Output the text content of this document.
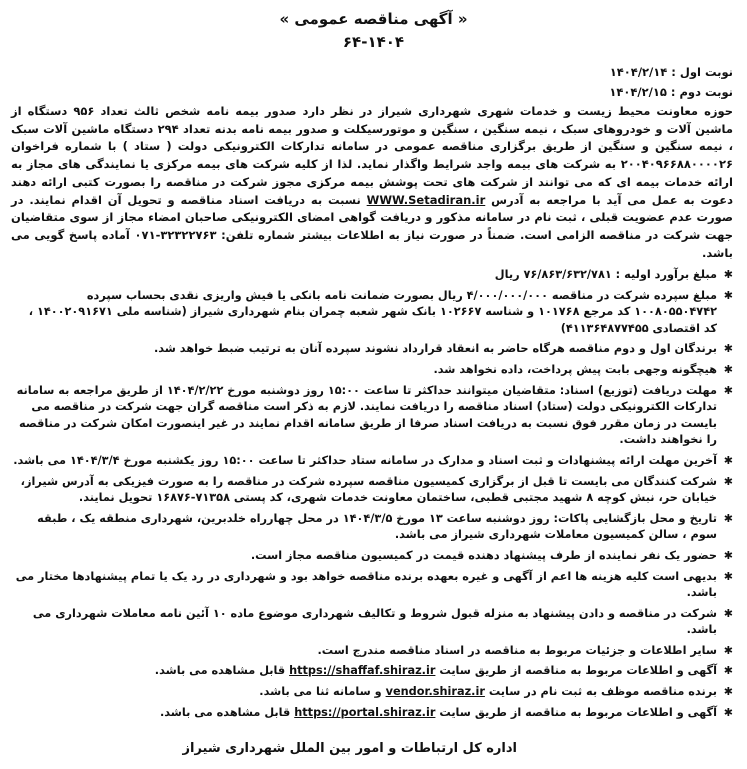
« آگهی مناقصه عمومی »
۶۴-۱۴۰۴
نوبت اول : ۱۴۰۴/۲/۱۴
نوبت دوم : ۱۴۰۴/۲/۱۵
حوزه معاونت محیط زیست و خدمات شهری شهرداری شیراز در نظر دارد صدور بیمه نامه شخص ثالث تعداد ۹۵۶ دستگاه از ماشین آلات و خودروهای سبک ، نیمه سنگین ، سنگین و موتورسیکلت و صدور بیمه نامه بدنه تعداد ۲۹۴ دستگاه ماشین آلات سبک ، نیمه سنگین و سنگین از طریق برگزاری مناقصه عمومی در سامانه تدارکات الکترونیکی دولت ( ستاد ) با شماره فراخوان ۲۰۰۴۰۹۶۶۸۸۰۰۰۰۲۶ به شرکت های بیمه واجد شرایط واگذار نماید. لذا از کلیه شرکت های بیمه مرکزی یا نمایندگی های مجاز به ارائه خدمات بیمه ای که می توانند از شرکت های تحت پوشش بیمه مرکزی مجوز شرکت در مناقصه را بصورت کتبی ارائه دهند دعوت به عمل می آید با مراجعه به آدرس WWW.Setadiran.ir نسبت به دریافت اسناد مناقصه و تحویل آن اقدام نمایند. در صورت عدم عضویت قبلی ، ثبت نام در سامانه مذکور و دریافت گواهی امضای الکترونیکی صاحبان امضاء مجاز از سوی متقاضیان جهت شرکت در مناقصه الزامی است. ضمناً در صورت نیاز به اطلاعات بیشتر شماره تلفن: ۳۲۳۲۲۷۶۳-۰۷۱ آماده پاسخ گویی می باشد.
✱
مبلغ برآورد اولیه : ۷۶/۸۶۳/۶۳۲/۷۸۱ ریال
✱
مبلغ سپرده شرکت در مناقصه ۴/۰۰۰/۰۰۰/۰۰۰ ریال بصورت ضمانت نامه بانکی یا فیش واریزی نقدی بحساب سپرده ۱۰۰۸۰۵۵۰۴۷۴۲ کد مرجع ۱۰۱۷۶۸ و شناسه ۱۰۲۶۶۷ بانک شهر شعبه چمران بنام شهرداری شیراز (شناسه ملی ۱۴۰۰۲۰۹۱۶۷۱ ، کد اقتصادی ۴۱۱۳۶۴۸۷۷۴۵۵)
✱
برندگان اول و دوم مناقصه هرگاه حاضر به انعقاد قرارداد نشوند سپرده آنان به ترتیب ضبط خواهد شد.
✱
هیچگونه وجهی بابت پیش پرداخت، داده نخواهد شد.
✱
مهلت دریافت (توزیع) اسناد: متقاضیان میتوانند حداکثر تا ساعت ۱۵:۰۰ روز دوشنبه مورخ ۱۴۰۴/۲/۲۲ از طریق مراجعه به سامانه تدارکات الکترونیکی دولت (ستاد) اسناد مناقصه را دریافت نمایند. لازم به ذکر است مناقصه گران جهت شرکت در مناقصه می بایست در زمان مقرر فوق نسبت به دریافت اسناد صرفا از طریق سامانه اقدام نمایند در غیر اینصورت امکان شرکت در مناقصه را نخواهند داشت.
✱
آخرین مهلت ارائه پیشنهادات و ثبت اسناد و مدارک در سامانه ستاد حداکثر تا ساعت ۱۵:۰۰ روز یکشنبه مورخ ۱۴۰۴/۳/۴ می باشد.
✱
شرکت کنندگان می بایست تا قبل از برگزاری کمیسیون مناقصه سپرده شرکت در مناقصه را به صورت فیزیکی به آدرس شیراز، خیابان حر، نبش کوچه ۸ شهید مجتبی قطبی، ساختمان معاونت خدمات شهری، کد پستی ۷۱۳۵۸-۱۶۸۷۶ تحویل نمایند.
✱
تاریخ و محل بازگشایی پاکات: روز دوشنبه ساعت ۱۳ مورخ ۱۴۰۴/۳/۵ در محل چهارراه خلدبرین، شهرداری منطقه یک ، طبقه سوم ، سالن کمیسیون معاملات شهرداری شیراز می باشد.
✱
حضور یک نفر نماینده از طرف پیشنهاد دهنده قیمت در کمیسیون مناقصه مجاز است.
✱
بدیهی است کلیه هزینه ها اعم از آگهی و غیره بعهده برنده مناقصه خواهد بود و شهرداری در رد یک یا تمام پیشنهادها مختار می باشد.
✱
شرکت در مناقصه و دادن پیشنهاد به منزله قبول شروط و تکالیف شهرداری موضوع ماده ۱۰ آئین نامه معاملات شهرداری می باشد.
✱
سایر اطلاعات و جزئیات مربوط به مناقصه در اسناد مناقصه مندرج است.
✱
آگهی و اطلاعات مربوط به مناقصه از طریق سایت https://shaffaf.shiraz.ir قابل مشاهده می باشد.
✱
برنده مناقصه موظف به ثبت نام در سایت vendor.shiraz.ir و سامانه ثنا می باشد.
✱
آگهی و اطلاعات مربوط به مناقصه از طریق سایت https://portal.shiraz.ir قابل مشاهده می باشد.
اداره کل ارتباطات و امور بین الملل شهرداری شیراز
